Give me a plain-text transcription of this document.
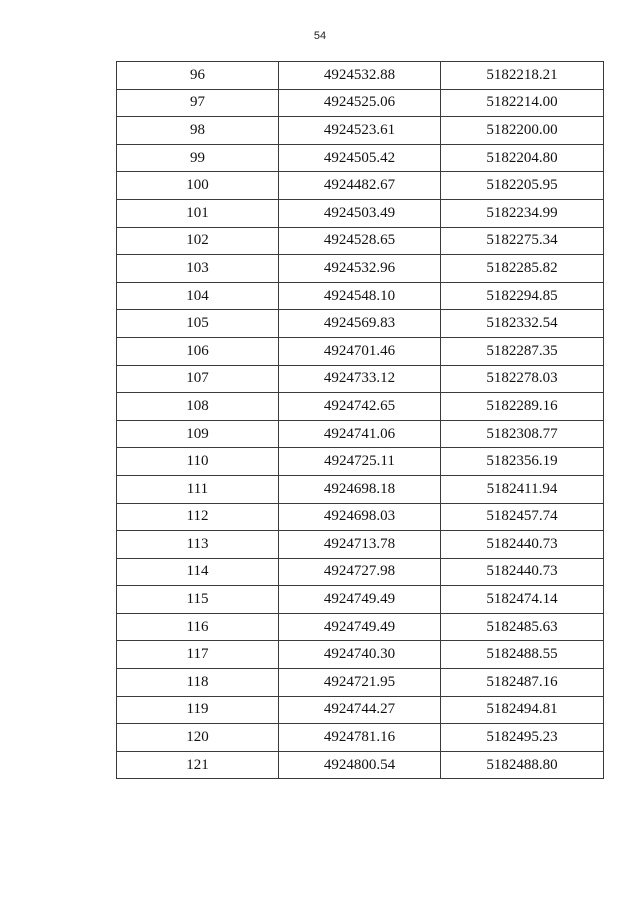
54
96	4924532.88	5182218.21
97	4924525.06	5182214.00
98	4924523.61	5182200.00
99	4924505.42	5182204.80
100	4924482.67	5182205.95
101	4924503.49	5182234.99
102	4924528.65	5182275.34
103	4924532.96	5182285.82
104	4924548.10	5182294.85
105	4924569.83	5182332.54
106	4924701.46	5182287.35
107	4924733.12	5182278.03
108	4924742.65	5182289.16
109	4924741.06	5182308.77
110	4924725.11	5182356.19
111	4924698.18	5182411.94
112	4924698.03	5182457.74
113	4924713.78	5182440.73
114	4924727.98	5182440.73
115	4924749.49	5182474.14
116	4924749.49	5182485.63
117	4924740.30	5182488.55
118	4924721.95	5182487.16
119	4924744.27	5182494.81
120	4924781.16	5182495.23
121	4924800.54	5182488.80
